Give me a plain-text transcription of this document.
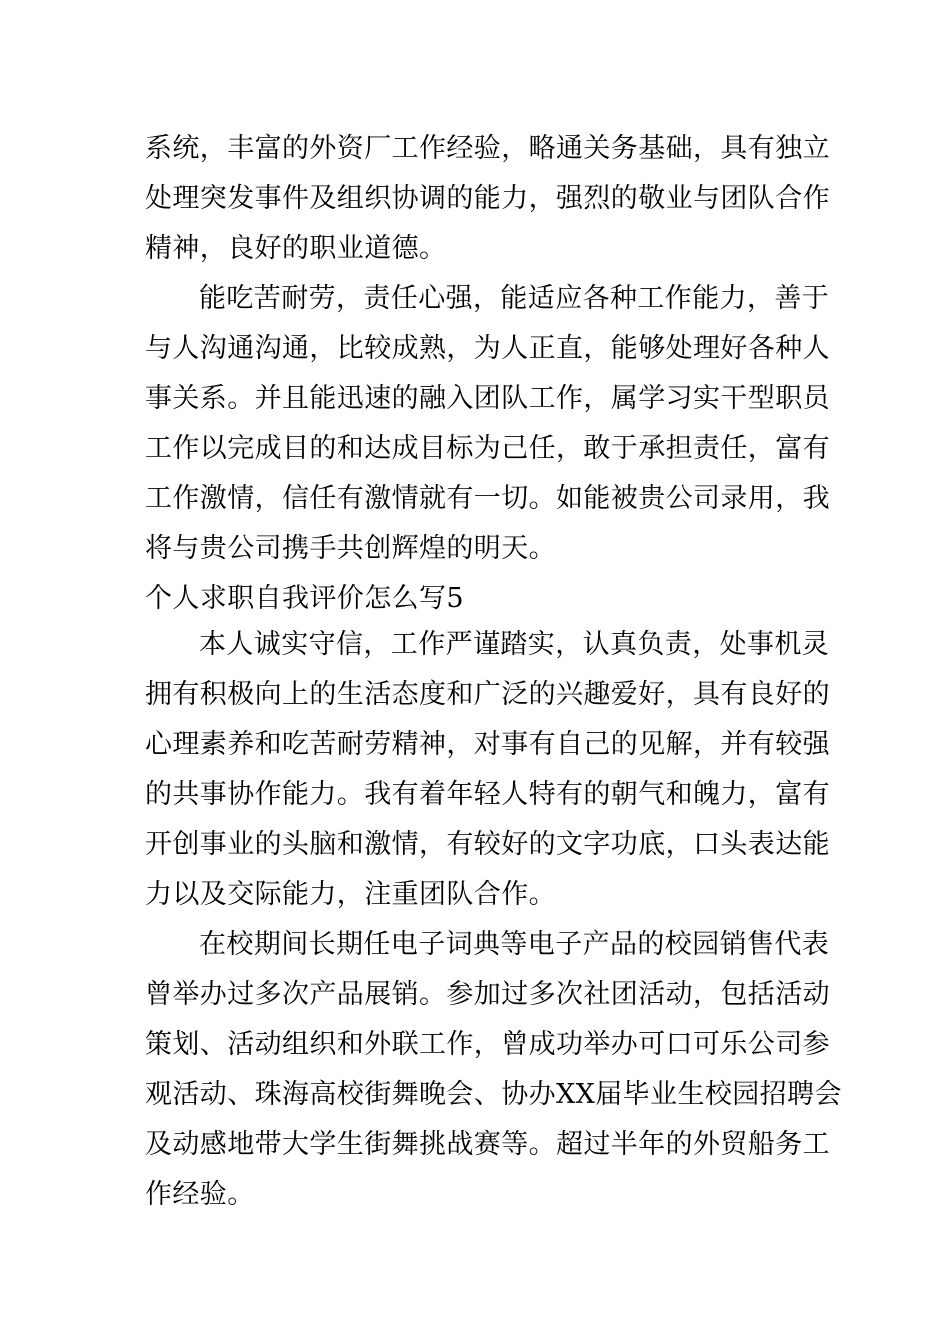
系统，丰富的外资厂工作经验，略通关务基础，具有独立
处理突发事件及组织协调的能力，强烈的敬业与团队合作
精神，良好的职业道德。
能吃苦耐劳，责任心强，能适应各种工作能力，善于
与人沟通沟通，比较成熟，为人正直，能够处理好各种人
事关系。并且能迅速的融入团队工作，属学习实干型职员
工作以完成目的和达成目标为己任，敢于承担责任，富有
工作激情，信任有激情就有一切。如能被贵公司录用，我
将与贵公司携手共创辉煌的明天。
个人求职自我评价怎么写5
本人诚实守信，工作严谨踏实，认真负责，处事机灵
拥有积极向上的生活态度和广泛的兴趣爱好，具有良好的
心理素养和吃苦耐劳精神，对事有自己的见解，并有较强
的共事协作能力。我有着年轻人特有的朝气和魄力，富有
开创事业的头脑和激情，有较好的文字功底，口头表达能
力以及交际能力，注重团队合作。
在校期间长期任电子词典等电子产品的校园销售代表
曾举办过多次产品展销。参加过多次社团活动，包括活动
策划、活动组织和外联工作，曾成功举办可口可乐公司参
观活动、珠海高校街舞晚会、协办XX届毕业生校园招聘会
及动感地带大学生街舞挑战赛等。超过半年的外贸船务工
作经验。
